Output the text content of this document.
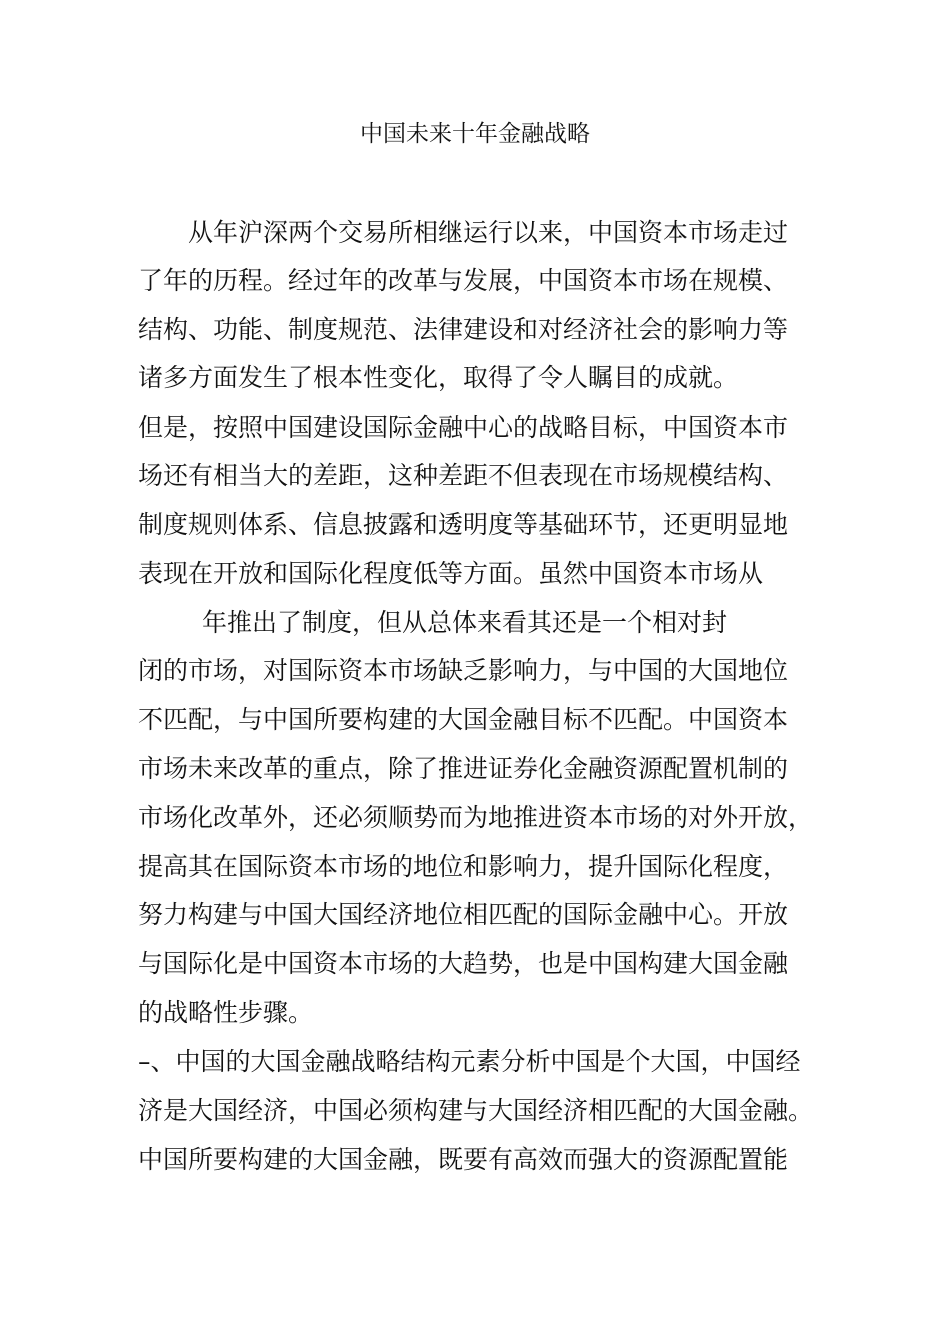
中国未来十年金融战略
从年沪深两个交易所相继运行以来，中国资本市场走过
了年的历程。经过年的改革与发展，中国资本市场在规模、
结构、功能、制度规范、法律建设和对经济社会的影响力等
诸多方面发生了根本性变化，取得了令人瞩目的成就。
但是，按照中国建设国际金融中心的战略目标，中国资本市
场还有相当大的差距，这种差距不但表现在市场规模结构、
制度规则体系、信息披露和透明度等基础环节，还更明显地
表现在开放和国际化程度低等方面。虽然中国资本市场从
年推出了制度，但从总体来看其还是一个相对封
闭的市场，对国际资本市场缺乏影响力，与中国的大国地位
不匹配，与中国所要构建的大国金融目标不匹配。中国资本
市场未来改革的重点，除了推进证券化金融资源配置机制的
市场化改革外，还必须顺势而为地推进资本市场的对外开放，
提高其在国际资本市场的地位和影响力，提升国际化程度，
努力构建与中国大国经济地位相匹配的国际金融中心。开放
与国际化是中国资本市场的大趋势，也是中国构建大国金融
的战略性步骤。
–、中国的大国金融战略结构元素分析中国是个大国，中国经
济是大国经济，中国必须构建与大国经济相匹配的大国金融。
中国所要构建的大国金融，既要有高效而强大的资源配置能
